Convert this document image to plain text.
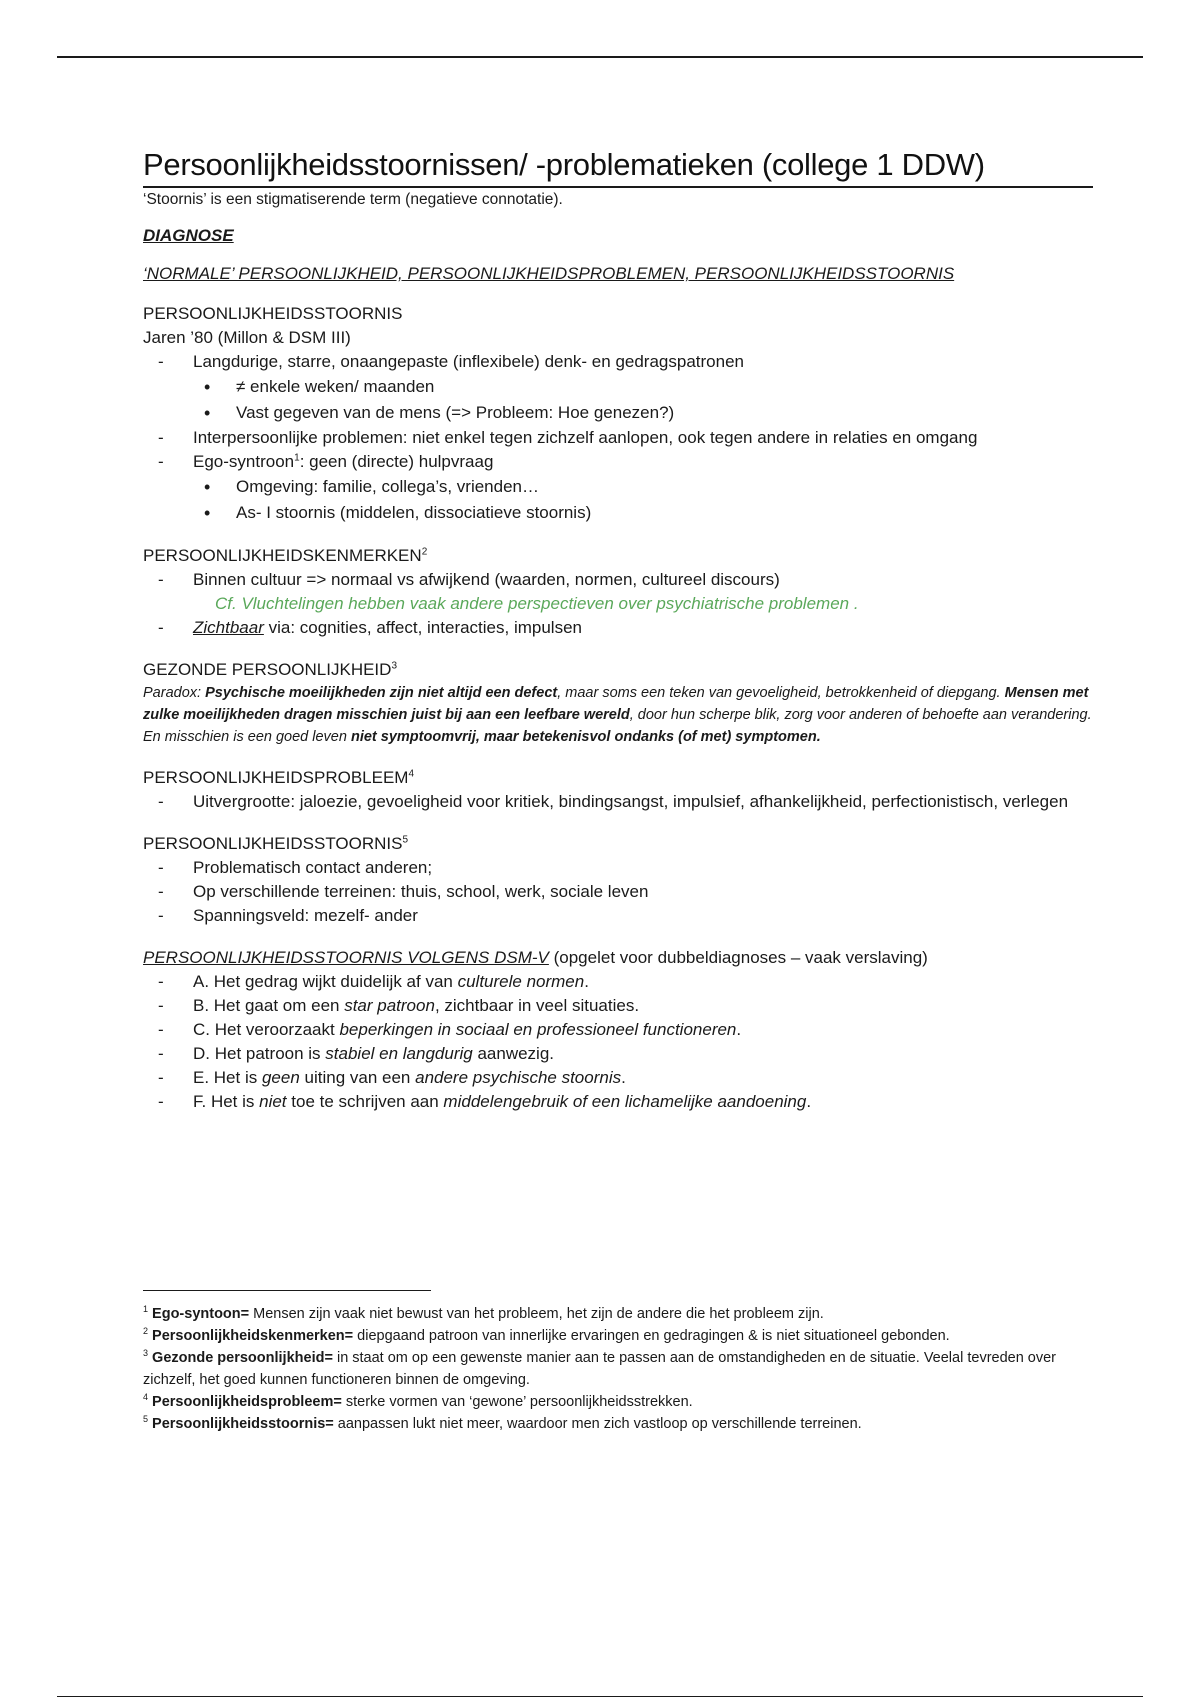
Persoonlijkheidsstoornissen/ -problematieken (college 1 DDW)

‘Stoornis’ is een stigmatiserende term (negatieve connotatie).

DIAGNOSE

‘NORMALE’ PERSOONLIJKHEID, PERSOONLIJKHEIDSPROBLEMEN, PERSOONLIJKHEIDSSTOORNIS

PERSOONLIJKHEIDSSTOORNIS

Jaren ’80 (Millon & DSM III)

- Langdurige, starre, onaangepaste (inflexibele) denk- en gedragspatronen
• ≠ enkele weken/ maanden
• Vast gegeven van de mens (=> Probleem: Hoe genezen?)
- Interpersoonlijke problemen: niet enkel tegen zichzelf aanlopen, ook tegen andere in relaties en omgang
- Ego-syntroon$^1$: geen (directe) hulpvraag
• Omgeving: familie, collega’s, vrienden…
• As- I stoornis (middelen, dissociatieve stoornis)

PERSOONLIJKHEIDSKENMERKEN$^2$

- Binnen cultuur => normaal vs afwijkend (waarden, normen, cultureel discours)

Cf. Vluchtelingen hebben vaak andere perspectieven over psychiatrische problemen .

- Zichtbaar via: cognities, affect, interacties, impulsen

GEZONDE PERSOONLIJKHEID$^3$

Paradox: Psychische moeilijkheden zijn niet altijd een defect, maar soms een teken van gevoeligheid, betrokkenheid of diepgang. Mensen met zulke moeilijkheden dragen misschien juist bij aan een leefbare wereld, door hun scherpe blik, zorg voor anderen of behoefte aan verandering. En misschien is een goed leven niet symptoomvrij, maar betekenisvol ondanks (of met) symptomen.

PERSOONLIJKHEIDSPROBLEEM$^4$

- Uitvergrootte: jaloezie, gevoeligheid voor kritiek, bindingsangst, impulsief, afhankelijkheid, perfectionistisch, verlegen

PERSOONLIJKHEIDSSTOORNIS$^5$

- Problematisch contact anderen;
- Op verschillende terreinen: thuis, school, werk, sociale leven
- Spanningsveld: mezelf- ander

PERSOONLIJKHEIDSSTOORNIS VOLGENS DSM-V (opgelet voor dubbeldiagnoses – vaak verslaving)

- A. Het gedrag wijkt duidelijk af van culturele normen.
- B. Het gaat om een star patroon, zichtbaar in veel situaties.
- C. Het veroorzaakt beperkingen in sociaal en professioneel functioneren.
- D. Het patroon is stabiel en langdurig aanwezig.
- E. Het is geen uiting van een andere psychische stoornis.
- F. Het is niet toe te schrijven aan middelengebruik of een lichamelijke aandoening.

$^1$ Ego-syntoon= Mensen zijn vaak niet bewust van het probleem, het zijn de andere die het probleem zijn.

$^2$ Persoonlijkheidskenmerken= diepgaand patroon van innerlijke ervaringen en gedragingen & is niet situationeel gebonden.

$^3$ Gezonde persoonlijkheid= in staat om op een gewenste manier aan te passen aan de omstandigheden en de situatie. Veelal tevreden over zichzelf, het goed kunnen functioneren binnen de omgeving.

$^4$ Persoonlijkheidsprobleem= sterke vormen van ‘gewone’ persoonlijkheidsstrekken.

$^5$ Persoonlijkheidsstoornis= aanpassen lukt niet meer, waardoor men zich vastloop op verschillende terreinen.
